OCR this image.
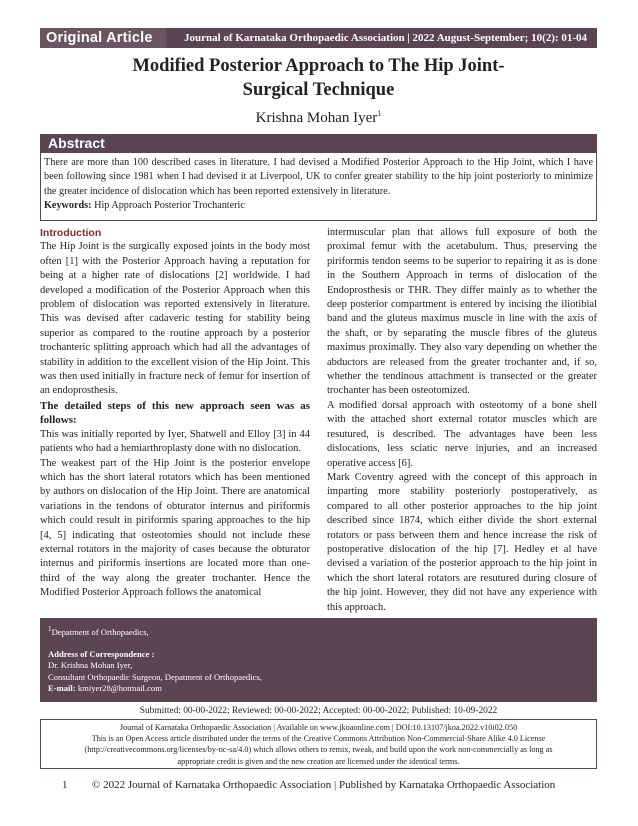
Original Article	Journal of Karnataka Orthopaedic Association | 2022 August-September; 10(2): 01-04
Modified Posterior Approach to The Hip Joint-
Surgical Technique
Krishna Mohan Iyer$^1$
Abstract
There are more than 100 described cases in literature. I had devised a Modified Posterior Approach to the Hip Joint, which I have been following since 1981 when I had devised it at Liverpool, UK to confer greater stability to the hip joint posteriorly to minimize the greater incidence of dislocation which has been reported extensively in literature.
Keywords: Hip Approach Posterior Trochanteric
Introduction

The Hip Joint is the surgically exposed joints in the body most often [1] with the Posterior Approach having a reputation for being at a higher rate of dislocations [2] worldwide. I had developed a modification of the Posterior Approach when this problem of dislocation was reported extensively in literature. This was devised after cadaveric testing for stability being superior as compared to the routine approach by a posterior trochanteric splitting approach which had all the advantages of stability in addition to the excellent vision of the Hip Joint. This was then used initially in fracture neck of femur for insertion of an endoprosthesis.

The detailed steps of this new approach seen was as follows:

This was initially reported by Iyer, Shatwell and Elloy [3] in 44 patients who had a hemiarthroplasty done with no dislocation.

The weakest part of the Hip Joint is the posterior envelope which has the short lateral rotators which has been mentioned by authors on dislocation of the Hip Joint. There are anatomical variations in the tendons of obturator internus and piriformis which could result in piriformis sparing approaches to the hip [4, 5] indicating that osteotomies should not include these external rotators in the majority of cases because the obturator internus and piriformis insertions are located more than one-third of the way along the greater trochanter. Hence the Modified Posterior Approach follows the anatomical

intermuscular plan that allows full exposure of both the proximal femur with the acetabulum. Thus, preserving the piriformis tendon seems to be superior to repairing it as is done in the Southern Approach in terms of dislocation of the Endoprosthesis or THR. They differ mainly as to whether the deep posterior compartment is entered by incising the iliotibial band and the gluteus maximus muscle in line with the axis of the shaft, or by separating the muscle fibres of the gluteus maximus proximally. They also vary depending on whether the abductors are released from the greater trochanter and, if so, whether the tendinous attachment is transected or the greater trochanter has been osteotomized.

A modified dorsal approach with osteotomy of a bone shell with the attached short external rotator muscles which are resutured, is described. The advantages have been less dislocations, less sciatic nerve injuries, and an increased operative access [6].

Mark Coventry agreed with the concept of this approach in imparting more stability posteriorly postoperatively, as compared to all other posterior approaches to the hip joint described since 1874, which either divide the short external rotators or pass between them and hence increase the risk of postoperative dislocation of the hip [7]. Hedley et al have devised a variation of the posterior approach to the hip joint in which the short lateral rotators are resutured during closure of the hip joint. However, they did not have any experience with this approach.

$^1$Depatment of Orthopaedics,
Address of Correspondence :
Dr. Krishna Mohan Iyer,
Consultant Orthopaedic Surgeon, Depatment of Orthopaedics,
E-mail: kmiyer28@hotmail.com
Submitted: 00-00-2022; Reviewed: 00-00-2022; Accepted: 00-00-2022; Published: 10-09-2022
Journal of Karnataka Orthopaedic Association | Available on www.jkoaonline.com | DOI:10.13107/jkoa.2022.v10i02.050
This is an Open Access article distributed under the terms of the Creative Commons Attribution Non-Commercial-Share Alike 4.0 License
(http://creativecommons.org/licenses/by-nc-sa/4.0) which allows others to remix, tweak, and build upon the work non-commercially as long as
appropriate credit is given and the new creation are licensed under the identical terms.
1 © 2022 Journal of Karnataka Orthopaedic Association | Published by Karnataka Orthopaedic Association
